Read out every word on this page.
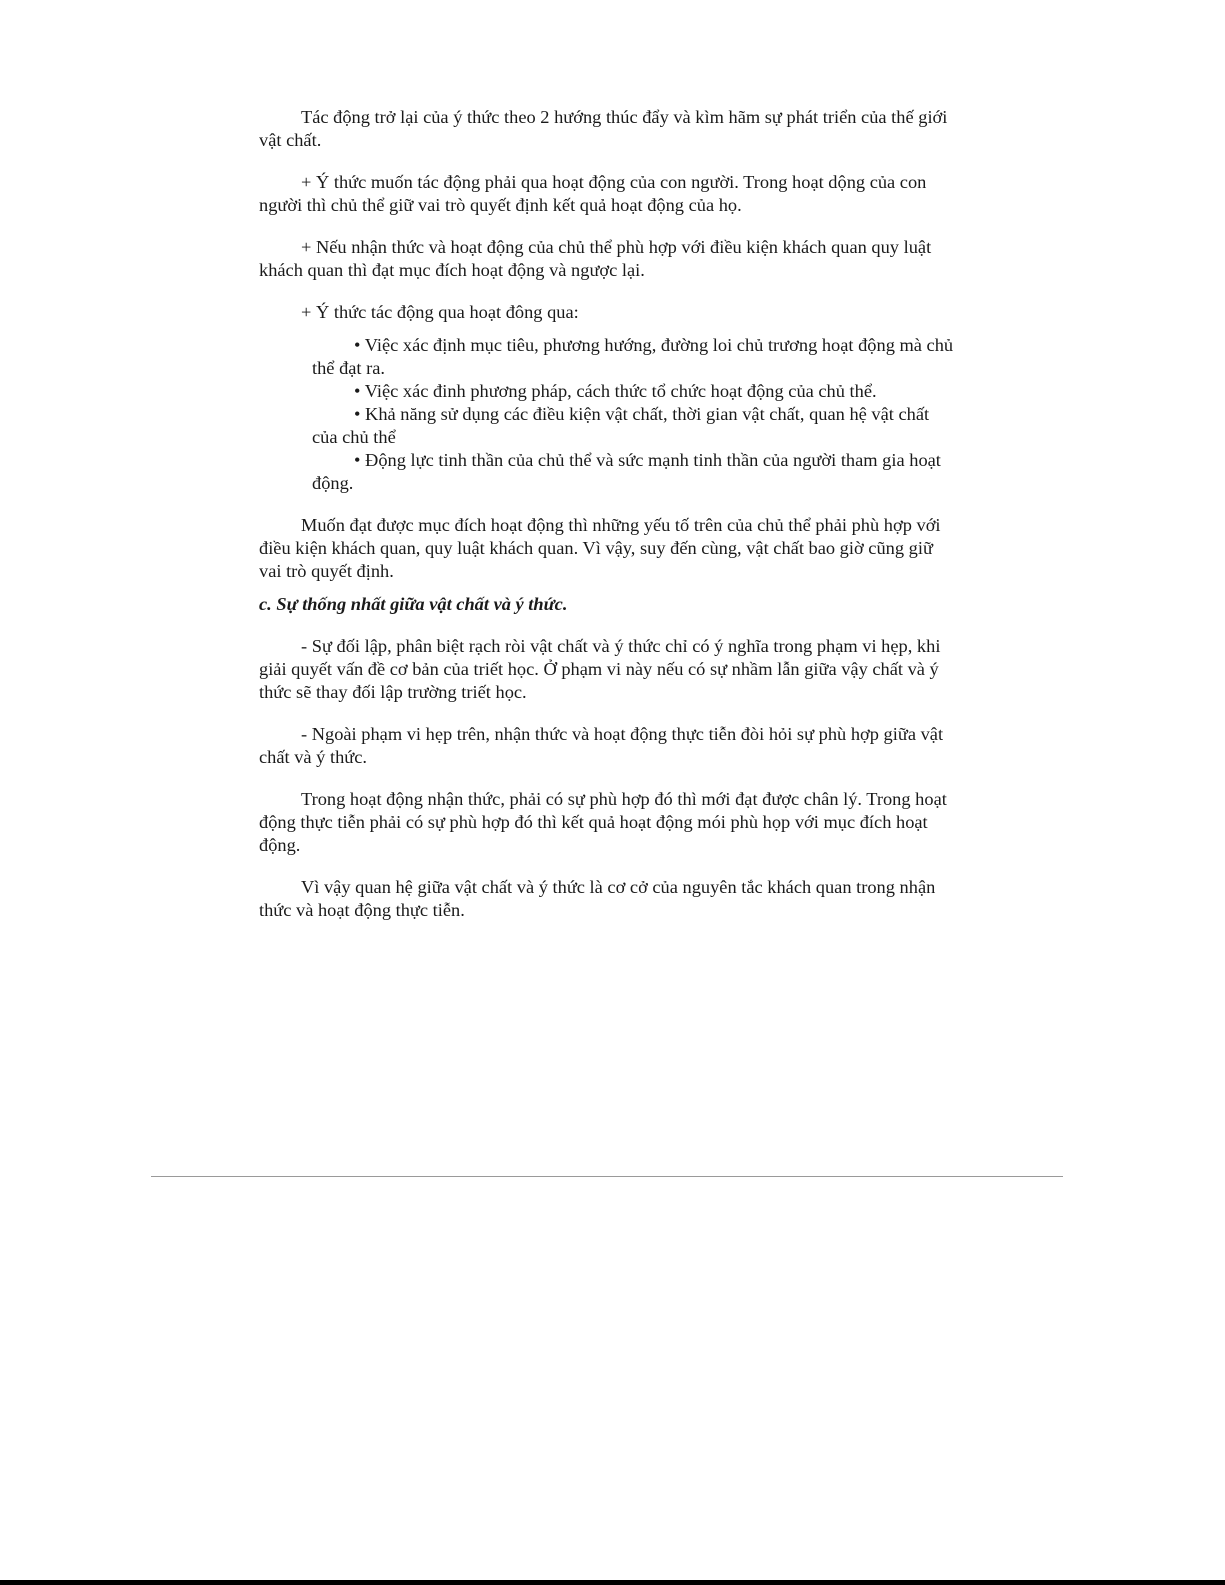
Tác động trở lại của ý thức theo 2 hướng thúc đẩy và kìm hãm sự phát triển của thế giới vật chất.

+ Ý thức muốn tác động phải qua hoạt động của con người. Trong hoạt dộng của con người thì chủ thể giữ vai trò quyết định kết quả hoạt động của họ.

+ Nếu nhận thức và hoạt động của chủ thể phù hợp với điều kiện khách quan quy luật khách quan thì đạt mục đích hoạt động và ngược lại.

+ Ý thức tác động qua hoạt đông qua:

• Việc xác định mục tiêu, phương hướng, đường loi chủ trương hoạt động mà chủ thể đạt ra.

• Việc xác đinh phương pháp, cách thức tổ chức hoạt động của chủ thể.

• Khả năng sử dụng các điều kiện vật chất, thời gian vật chất, quan hệ vật chất của chủ thể

• Động lực tinh thần của chủ thể và sức mạnh tinh thần của người tham gia hoạt động.

Muốn đạt được mục đích hoạt động thì những yếu tố trên của chủ thể phải phù hợp với điều kiện khách quan, quy luật khách quan. Vì vậy, suy đến cùng, vật chất bao giờ cũng giữ vai trò quyết định.

c. Sự thống nhất giữa vật chất và ý thức.

- Sự đối lập, phân biệt rạch ròi vật chất và ý thức chỉ có ý nghĩa trong phạm vi hẹp, khi giải quyết vấn đề cơ bản của triết học. Ở phạm vi này nếu có sự nhầm lẫn giữa vậy chất và ý thức sẽ thay đối lập trường triết học.

- Ngoài phạm vi hẹp trên, nhận thức và hoạt động thực tiễn đòi hỏi sự phù hợp giữa vật chất và ý thức.

Trong hoạt động nhận thức, phải có sự phù hợp đó thì mới đạt được chân lý. Trong hoạt động thực tiễn phải có sự phù hợp đó thì kết quả hoạt động mói phù họp với mục đích hoạt động.

Vì vậy quan hệ giữa vật chất và ý thức là cơ cở của nguyên tắc khách quan trong nhận thức và hoạt động thực tiễn.
